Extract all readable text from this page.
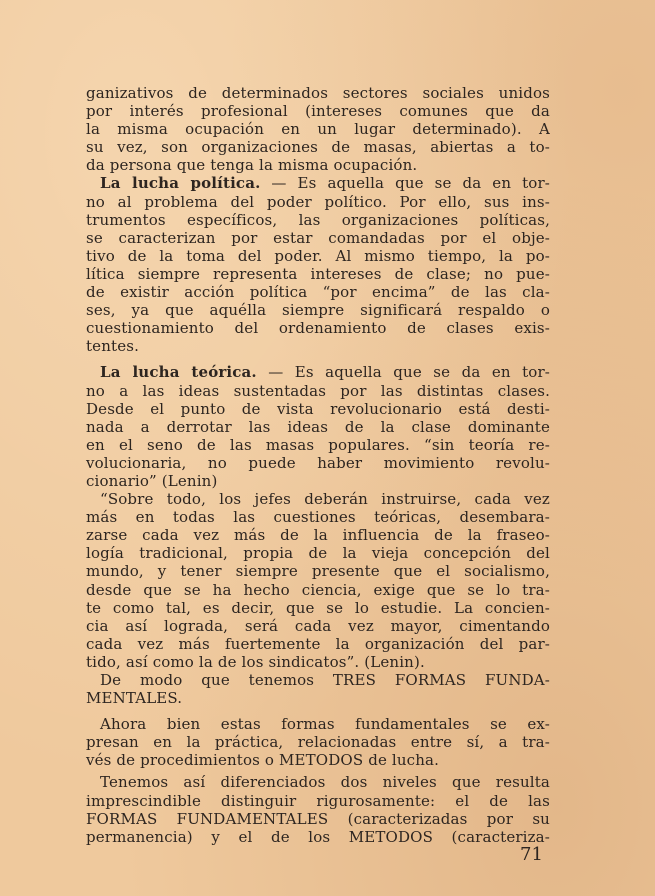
ganizativos de determinados sectores sociales unidos
por interés profesional (intereses comunes que da
la misma ocupación en un lugar determinado). A
su vez, son organizaciones de masas, abiertas a to-
da persona que tenga la misma ocupación.
La lucha política. — Es aquella que se da en tor-
no al problema del poder político. Por ello, sus ins-
trumentos específicos, las organizaciones políticas,
se caracterizan por estar comandadas por el obje-
tivo de la toma del poder. Al mismo tiempo, la po-
lítica siempre representa intereses de clase; no pue-
de existir acción política “por encima” de las cla-
ses, ya que aquélla siempre significará respaldo o
cuestionamiento del ordenamiento de clases exis-
tentes.
La lucha teórica. — Es aquella que se da en tor-
no a las ideas sustentadas por las distintas clases.
Desde el punto de vista revolucionario está desti-
nada a derrotar las ideas de la clase dominante
en el seno de las masas populares. “sin teoría re-
volucionaria, no puede haber movimiento revolu-
cionario” (Lenin)
“Sobre todo, los jefes deberán instruirse, cada vez
más en todas las cuestiones teóricas, desembara-
zarse cada vez más de la influencia de la fraseo-
logía tradicional, propia de la vieja concepción del
mundo, y tener siempre presente que el socialismo,
desde que se ha hecho ciencia, exige que se lo tra-
te como tal, es decir, que se lo estudie. La concien-
cia así lograda, será cada vez mayor, cimentando
cada vez más fuertemente la organización del par-
tido, así como la de los sindicatos”. (Lenin).
De modo que tenemos TRES FORMAS FUNDA-
MENTALES.
Ahora bien estas formas fundamentales se ex-
presan en la práctica, relacionadas entre sí, a tra-
vés de procedimientos o METODOS de lucha.
Tenemos así diferenciados dos niveles que resulta
imprescindible distinguir rigurosamente: el de las
FORMAS FUNDAMENTALES (caracterizadas por su
permanencia) y el de los METODOS (caracteriza-
71
